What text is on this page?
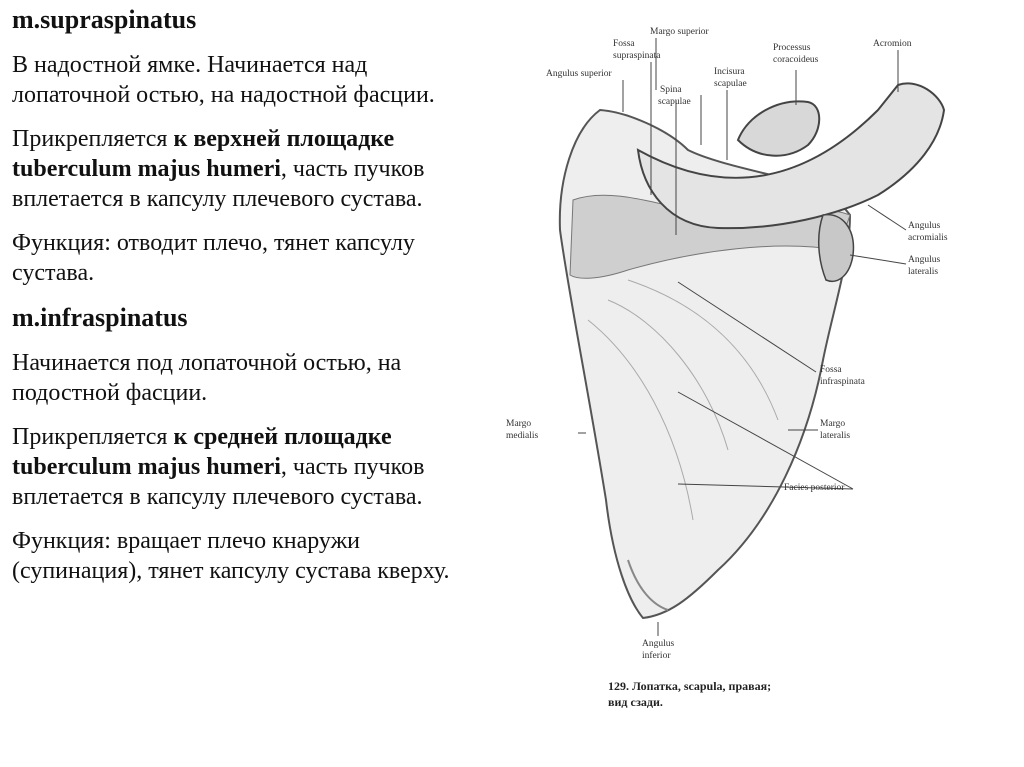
m.supraspinatus
В надостной ямке. Начинается над лопаточной остью, на надостной фасции.
Прикрепляется к верхней площадке tuberculum majus humeri, часть пучков вплетается в капсулу плечевого сустава.
Функция: отводит плечо, тянет капсулу сустава.
m.infraspinatus
Начинается под лопаточной остью, на подостной фасции.
Прикрепляется к средней площадке tuberculum majus humeri, часть пучков вплетается в капсулу плечевого сустава.
Функция: вращает плечо кнаружи (супинация), тянет капсулу сустава кверху.
Margo superior
Fossa
supraspinata
Processus
coracoideus
Acromion
Angulus superior
Spina
scapulae
Incisura
scapulae
Angulus
acromialis
Angulus
lateralis
Fossa
infraspinata
Margo
medialis
Margo
lateralis
Facies posterior
Angulus
inferior
129. Лопатка, scapula, правая;
вид сзади.
